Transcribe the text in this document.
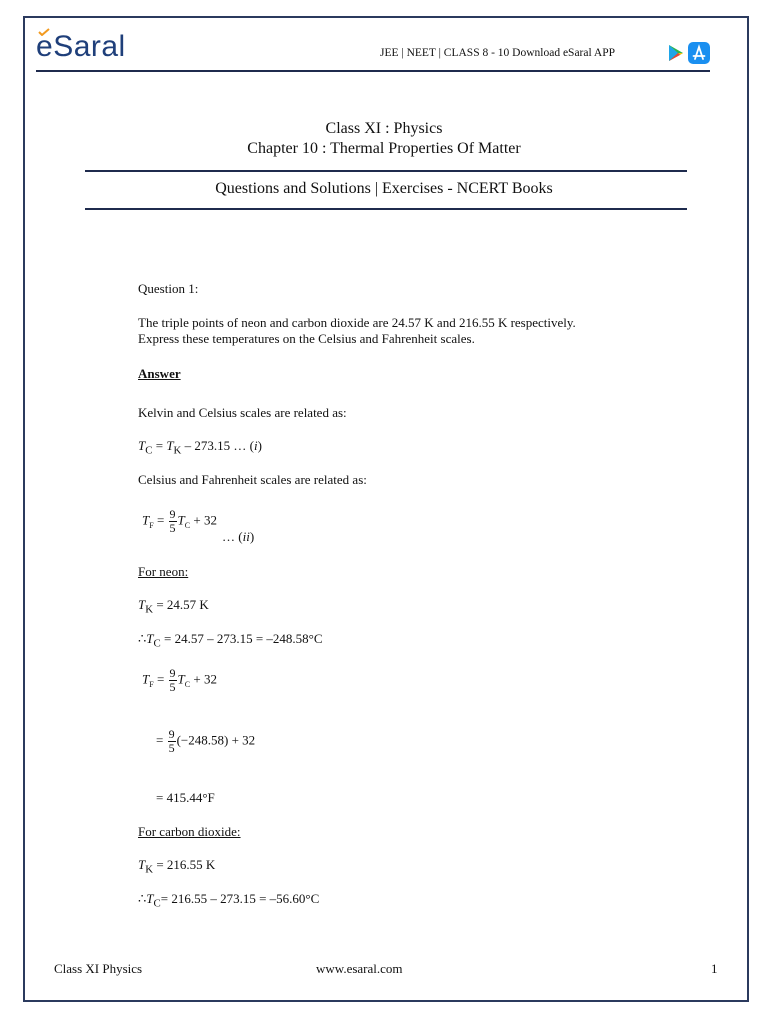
eSaral	JEE | NEET | CLASS 8 - 10 Download eSaral APP
Class XI : Physics
Chapter 10 : Thermal Properties Of Matter
Questions and Solutions | Exercises - NCERT Books
Question 1:
The triple points of neon and carbon dioxide are 24.57 K and 216.55 K respectively.
Express these temperatures on the Celsius and Fahrenheit scales.
Answer
Kelvin and Celsius scales are related as:
$T_C = T_K - 273.15$ … (i)
Celsius and Fahrenheit scales are related as:
$T_F = \frac{9}{5} T_C + 32$
… (ii)
For neon:
$T_K = 24.57$ K
$\therefore T_C = 24.57 - 273.15 = -248.58^\circ C$
$T_F = \frac{9}{5} T_C + 32$
= $\frac{9}{5} (-248.58) + 32$
= 415.44°F
For carbon dioxide:
$T_K = 216.55$ K
$\therefore T_C= 216.55 - 273.15 = -56.60^\circ C$
Class XI Physics	www.esaral.com	1
